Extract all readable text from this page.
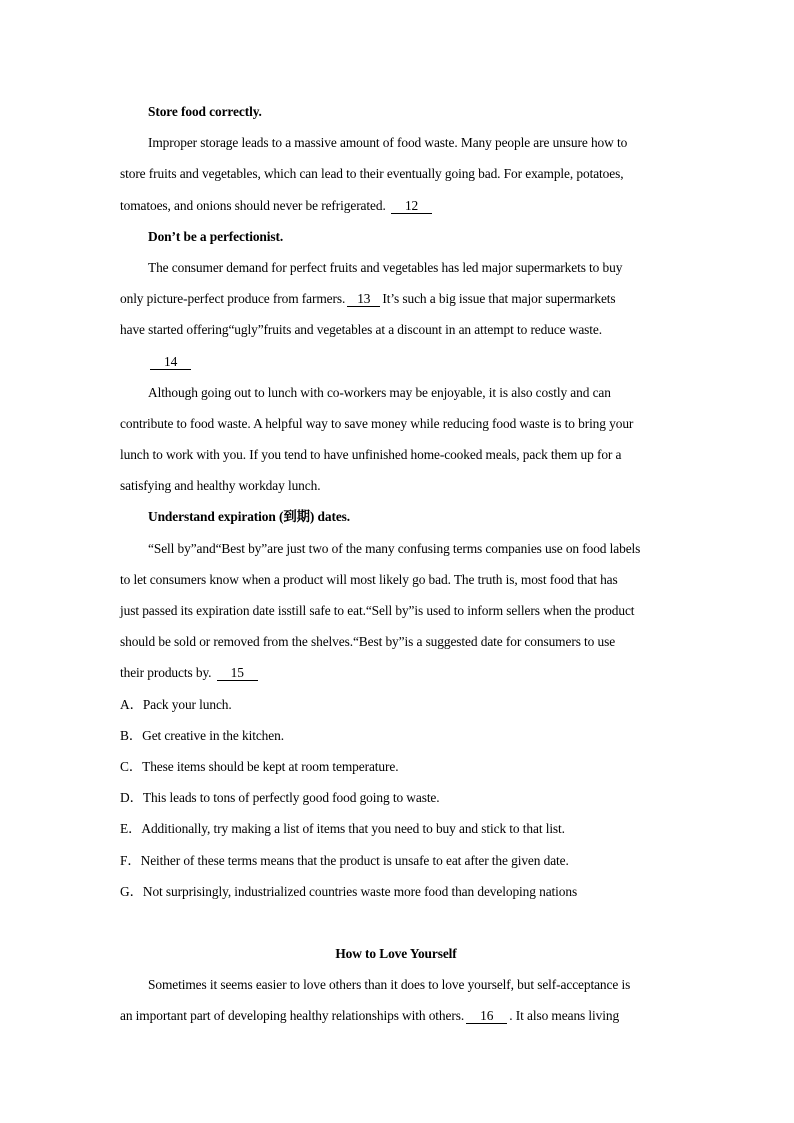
Store food correctly.
Improper storage leads to a massive amount of food waste. Many people are unsure how to
store fruits and vegetables, which can lead to their eventually going bad. For example, potatoes,
tomatoes, and onions should never be refrigerated. 12
Don’t be a perfectionist.
The consumer demand for perfect fruits and vegetables has led major supermarkets to buy
only picture-perfect produce from farmers. 13 It’s such a big issue that major supermarkets
have started offering“ugly”fruits and vegetables at a discount in an attempt to reduce waste.
14
Although going out to lunch with co-workers may be enjoyable, it is also costly and can
contribute to food waste. A helpful way to save money while reducing food waste is to bring your
lunch to work with you. If you tend to have unfinished home-cooked meals, pack them up for a
satisfying and healthy workday lunch.
Understand expiration (到期) dates.
“Sell by”and“Best by”are just two of the many confusing terms companies use on food labels
to let consumers know when a product will most likely go bad. The truth is, most food that has
just passed its expiration date isstill safe to eat.“Sell by”is used to inform sellers when the product
should be sold or removed from the shelves.“Best by”is a suggested date for consumers to use
their products by. 15
A．Pack your lunch.
B．Get creative in the kitchen.
C．These items should be kept at room temperature.
D．This leads to tons of perfectly good food going to waste.
E．Additionally, try making a list of items that you need to buy and stick to that list.
F．Neither of these terms means that the product is unsafe to eat after the given date.
G．Not surprisingly, industrialized countries waste more food than developing nations
How to Love Yourself
Sometimes it seems easier to love others than it does to love yourself, but self-acceptance is
an important part of developing healthy relationships with others. 16 . It also means living
